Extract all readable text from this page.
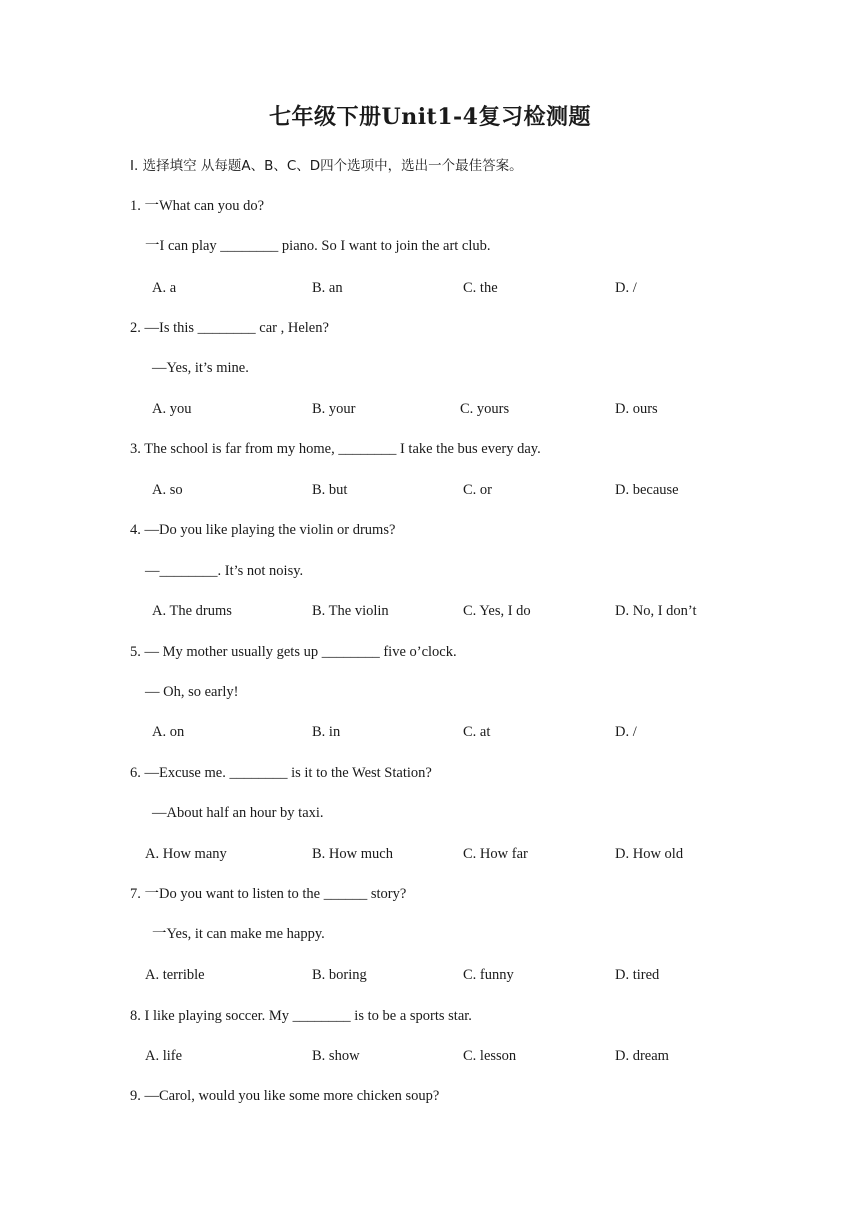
七年级下册Unit1-4复习检测题
Ⅰ. 选择填空 从每题A、B、C、D四个选项中，选出一个最佳答案。
1. 一What can you do?
一I can play ________ piano. So I want to join the art club.
A. a	B. an	C. the	D. /
2. —Is this ________ car , Helen?
—Yes, it’s mine.
A. you	B. your	C. yours	D. ours
3. The school is far from my home, ________ I take the bus every day.
A. so	B. but	C. or	D. because
4. —Do you like playing the violin or drums?
—________. It’s not noisy.
A. The drums	B. The violin	C. Yes, I do	D. No, I don’t
5. — My mother usually gets up ________ five o’clock.
— Oh, so early!
A. on	B. in	C. at	D. /
6. —Excuse me. ________ is it to the West Station?
—About half an hour by taxi.
A. How many	B. How much	C. How far	D. How old
7. 一Do you want to listen to the ______ story?
一Yes, it can make me happy.
A. terrible	B. boring	C. funny	D. tired
8. I like playing soccer. My ________ is to be a sports star.
A. life	B. show	C. lesson	D. dream
9. —Carol, would you like some more chicken soup?
